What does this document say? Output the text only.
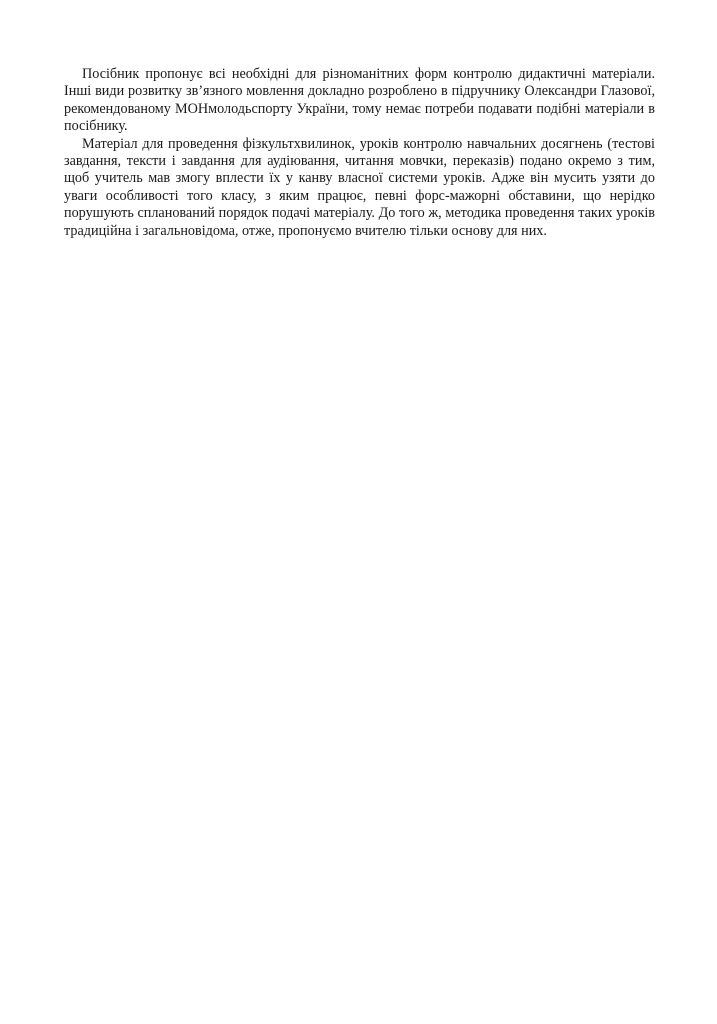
Посібник пропонує всі необхідні для різноманітних форм контролю дидактичні матеріали. Інші види розвитку зв’язного мовлення докладно розроблено в підручнику Олександри Глазової, рекомендованому МОНмолодьспорту України, тому немає потреби подавати подібні матеріали в посібнику.

Матеріал для проведення фізкультхвилинок, уроків контролю навчальних досягнень (тестові завдання, тексти і завдання для аудіювання, читання мовчки, переказів) подано окремо з тим, щоб учитель мав змогу вплести їх у канву власної системи уроків. Адже він мусить узяти до уваги особливості того класу, з яким працює, певні форс-мажорні обставини, що нерідко порушують спланований порядок подачі матеріалу. До того ж, методика проведення таких уроків традиційна і загальновідома, отже, пропонуємо вчителю тільки основу для них.
